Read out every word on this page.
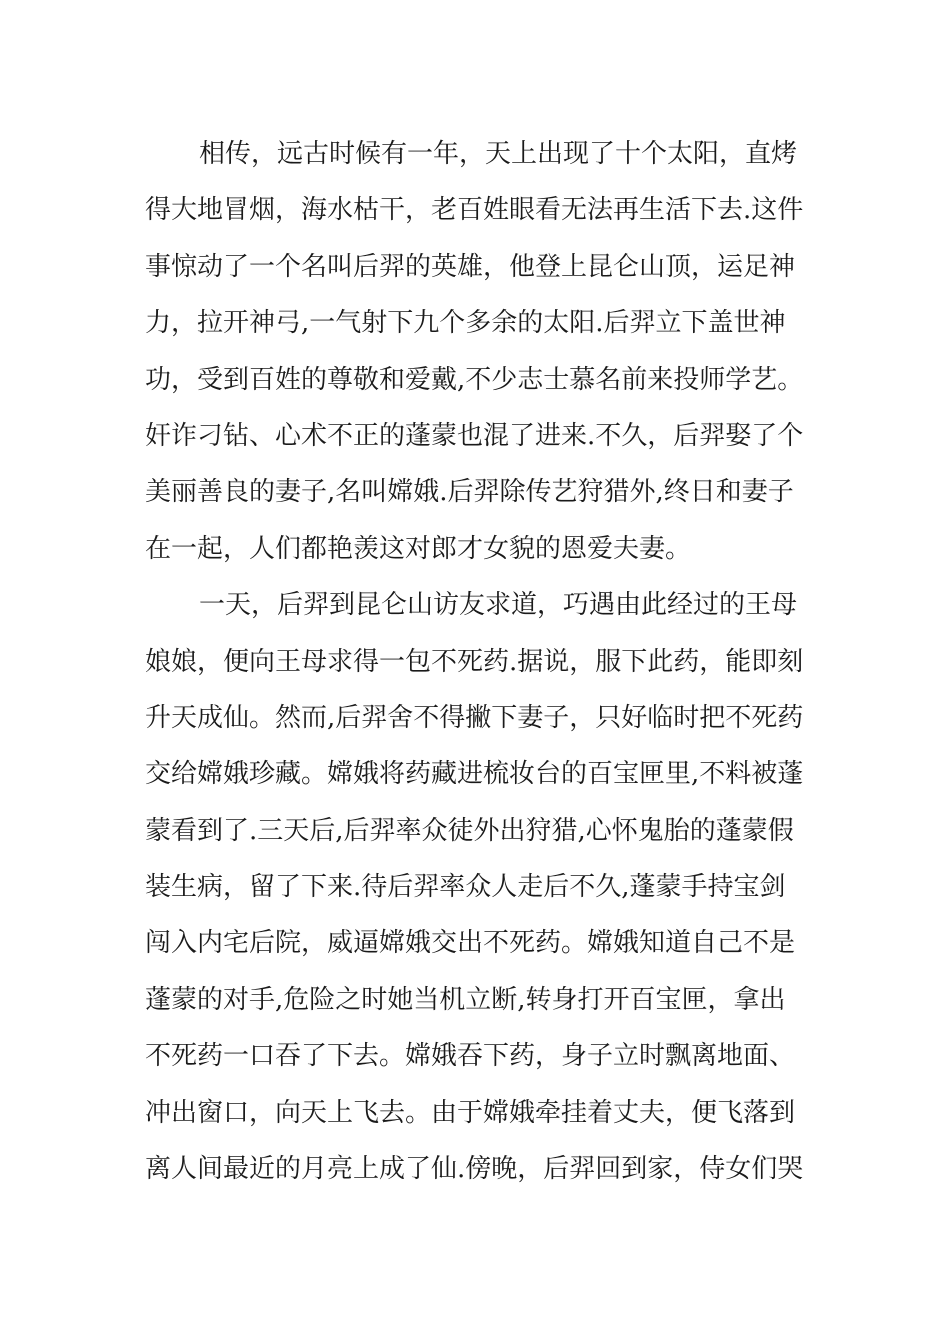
相传，远古时候有一年，天上出现了十个太阳，直烤
得大地冒烟，海水枯干，老百姓眼看无法再生活下去.这件
事惊动了一个名叫后羿的英雄，他登上昆仑山顶，运足神
力，拉开神弓,一气射下九个多余的太阳.后羿立下盖世神
功，受到百姓的尊敬和爱戴,不少志士慕名前来投师学艺。
奸诈刁钻、心术不正的蓬蒙也混了进来.不久，后羿娶了个
美丽善良的妻子,名叫嫦娥.后羿除传艺狩猎外,终日和妻子
在一起，人们都艳羡这对郎才女貌的恩爱夫妻。
一天，后羿到昆仑山访友求道，巧遇由此经过的王母
娘娘，便向王母求得一包不死药.据说，服下此药，能即刻
升天成仙。然而,后羿舍不得撇下妻子，只好临时把不死药
交给嫦娥珍藏。嫦娥将药藏进梳妆台的百宝匣里,不料被蓬
蒙看到了.三天后,后羿率众徒外出狩猎,心怀鬼胎的蓬蒙假
装生病，留了下来.待后羿率众人走后不久,蓬蒙手持宝剑
闯入内宅后院，威逼嫦娥交出不死药。嫦娥知道自己不是
蓬蒙的对手,危险之时她当机立断,转身打开百宝匣，拿出
不死药一口吞了下去。嫦娥吞下药，身子立时飘离地面、
冲出窗口，向天上飞去。由于嫦娥牵挂着丈夫，便飞落到
离人间最近的月亮上成了仙.傍晚，后羿回到家，侍女们哭
